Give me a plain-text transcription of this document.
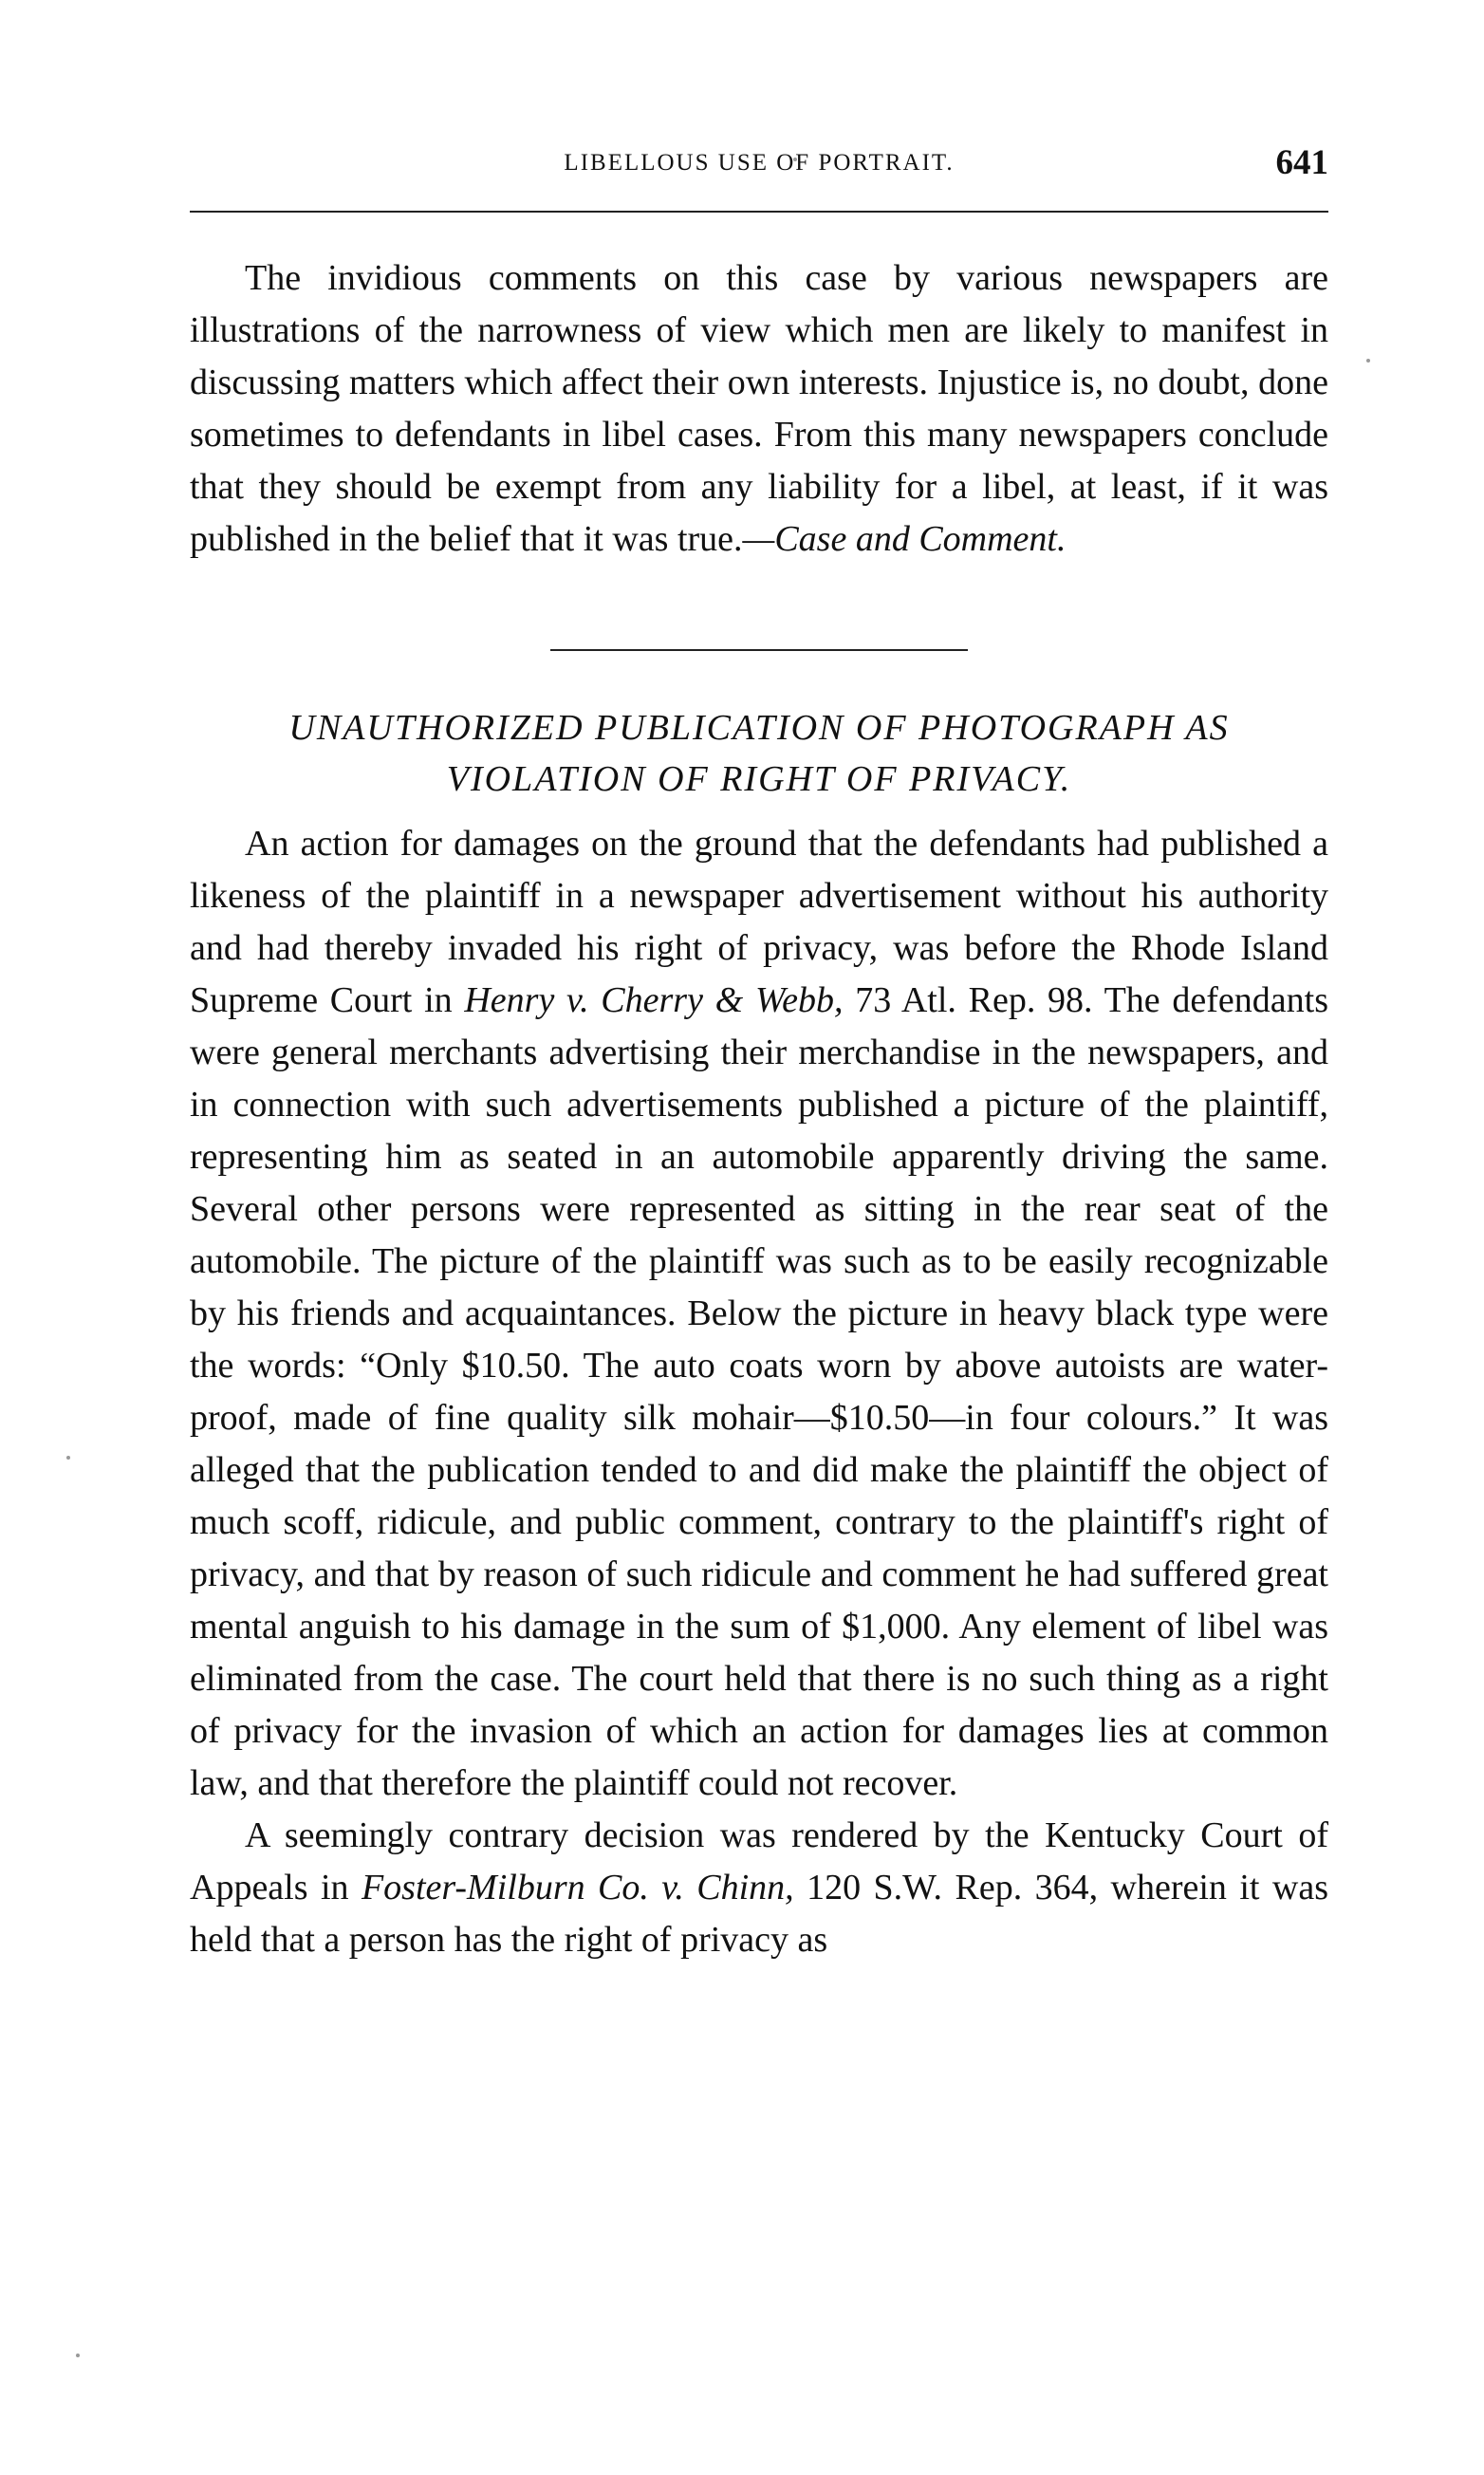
LIBELLOUS USE OF PORTRAIT.	641

The invidious comments on this case by various newspapers are illustrations of the narrowness of view which men are likely to manifest in discussing matters which affect their own interests. Injustice is, no doubt, done sometimes to defendants in libel cases. From this many newspapers conclude that they should be exempt from any liability for a libel, at least, if it was published in the belief that it was true.—Case and Comment.

UNAUTHORIZED PUBLICATION OF PHOTOGRAPH AS
VIOLATION OF RIGHT OF PRIVACY.

An action for damages on the ground that the defendants had published a likeness of the plaintiff in a newspaper advertisement without his authority and had thereby invaded his right of privacy, was before the Rhode Island Supreme Court in Henry v. Cherry & Webb, 73 Atl. Rep. 98. The defendants were general merchants advertising their merchandise in the newspapers, and in connection with such advertisements published a picture of the plaintiff, representing him as seated in an automobile apparently driving the same. Several other persons were represented as sitting in the rear seat of the automobile. The picture of the plaintiff was such as to be easily recognizable by his friends and acquaintances. Below the picture in heavy black type were the words: “Only $10.50. The auto coats worn by above autoists are water-proof, made of fine quality silk mohair—$10.50—in four colours.” It was alleged that the publication tended to and did make the plaintiff the object of much scoff, ridicule, and public comment, contrary to the plaintiff's right of privacy, and that by reason of such ridicule and comment he had suffered great mental anguish to his damage in the sum of $1,000. Any element of libel was eliminated from the case. The court held that there is no such thing as a right of privacy for the invasion of which an action for damages lies at common law, and that therefore the plaintiff could not recover.

A seemingly contrary decision was rendered by the Kentucky Court of Appeals in Foster-Milburn Co. v. Chinn, 120 S.W. Rep. 364, wherein it was held that a person has the right of privacy as
